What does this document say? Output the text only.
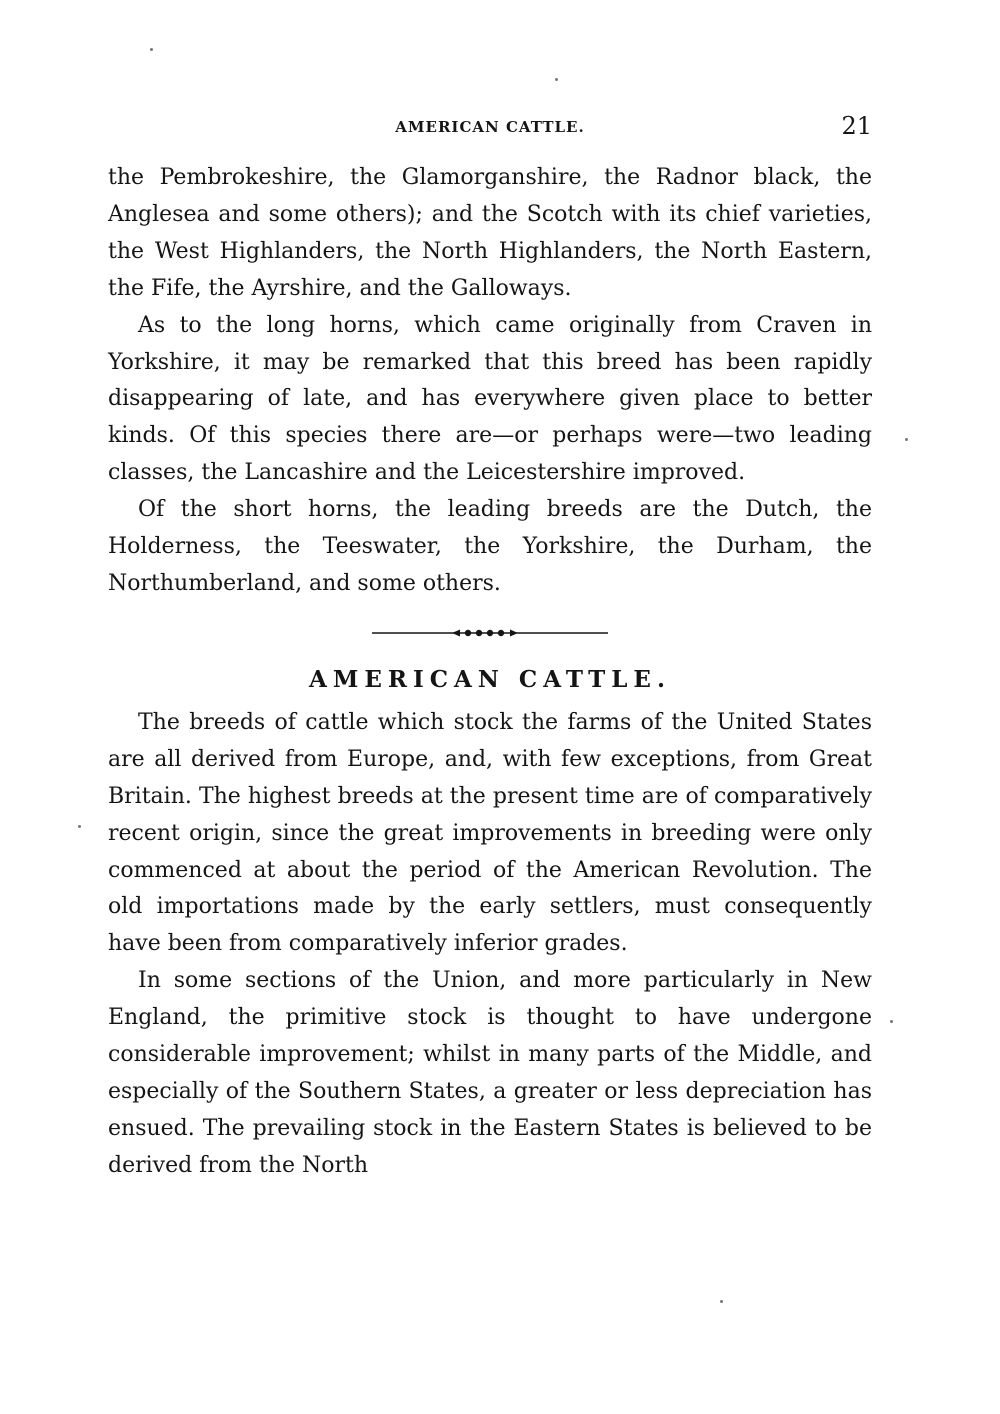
AMERICAN CATTLE.	21

the Pembrokeshire, the Glamorganshire, the Radnor black, the Anglesea and some others); and the Scotch with its chief varieties, the West Highlanders, the North Highlanders, the North Eastern, the Fife, the Ayrshire, and the Galloways.

As to the long horns, which came originally from Craven in Yorkshire, it may be remarked that this breed has been rapidly disappearing of late, and has everywhere given place to better kinds. Of this species there are—or perhaps were—two leading classes, the Lancashire and the Leicestershire improved.

Of the short horns, the leading breeds are the Dutch, the Holderness, the Teeswater, the Yorkshire, the Durham, the Northumberland, and some others.

AMERICAN CATTLE.

The breeds of cattle which stock the farms of the United States are all derived from Europe, and, with few exceptions, from Great Britain. The highest breeds at the present time are of comparatively recent origin, since the great improvements in breeding were only commenced at about the period of the American Revolution. The old importations made by the early settlers, must consequently have been from comparatively inferior grades.

In some sections of the Union, and more particularly in New England, the primitive stock is thought to have undergone considerable improvement; whilst in many parts of the Middle, and especially of the Southern States, a greater or less depreciation has ensued. The prevailing stock in the Eastern States is believed to be derived from the North
